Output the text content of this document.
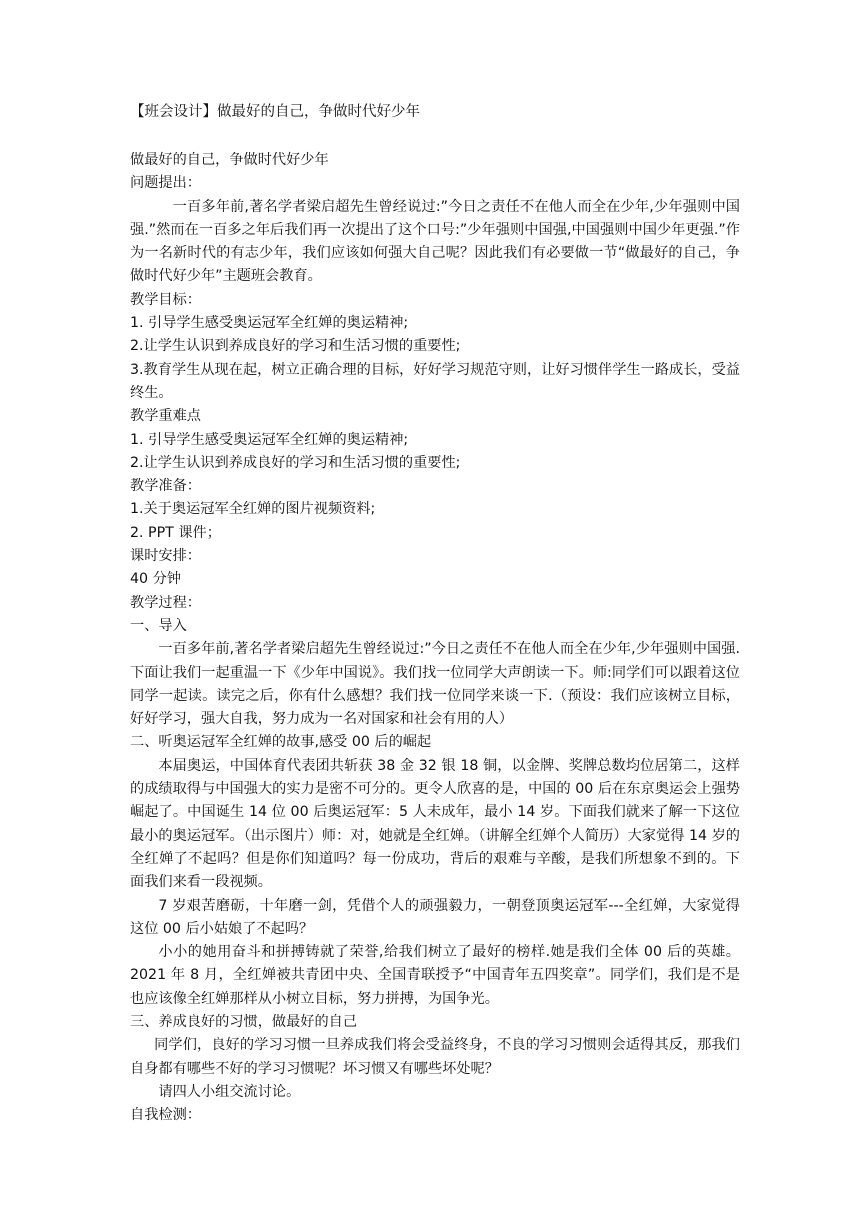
【班会设计】做最好的自己，争做时代好少年

做最好的自己，争做时代好少年

问题提出：

一百多年前,著名学者梁启超先生曾经说过:”今日之责任不在他人而全在少年,少年强则中国强.”然而在一百多之年后我们再一次提出了这个口号:”少年强则中国强,中国强则中国少年更强.”作为一名新时代的有志少年，我们应该如何强大自己呢？因此我们有必要做一节“做最好的自己，争做时代好少年”主题班会教育。

教学目标：

1. 引导学生感受奥运冠军全红婵的奥运精神;

2.让学生认识到养成良好的学习和生活习惯的重要性;

3.教育学生从现在起，树立正确合理的目标，好好学习规范守则，让好习惯伴学生一路成长，受益终生。

教学重难点

1. 引导学生感受奥运冠军全红婵的奥运精神;

2.让学生认识到养成良好的学习和生活习惯的重要性;

教学准备：

1.关于奥运冠军全红婵的图片视频资料;

2. PPT 课件；

课时安排：

40 分钟

教学过程：

一、导入

一百多年前,著名学者梁启超先生曾经说过:”今日之责任不在他人而全在少年,少年强则中国强.下面让我们一起重温一下《少年中国说》。我们找一位同学大声朗读一下。师:同学们可以跟着这位同学一起读。读完之后，你有什么感想？我们找一位同学来谈一下.（预设：我们应该树立目标，好好学习，强大自我，努力成为一名对国家和社会有用的人）

二、听奥运冠军全红婵的故事,感受 00 后的崛起

本届奥运，中国体育代表团共斩获 38 金 32 银 18 铜，以金牌、奖牌总数均位居第二，这样的成绩取得与中国强大的实力是密不可分的。更令人欣喜的是，中国的 00 后在东京奥运会上强势崛起了。中国诞生 14 位 00 后奥运冠军：5 人未成年，最小 14 岁。下面我们就来了解一下这位最小的奥运冠军。（出示图片）师：对，她就是全红婵。（讲解全红婵个人简历）大家觉得 14 岁的全红婵了不起吗？但是你们知道吗？每一份成功，背后的艰难与辛酸，是我们所想象不到的。下面我们来看一段视频。

7 岁艰苦磨砺，十年磨一剑，凭借个人的顽强毅力，一朝登顶奥运冠军---全红婵，大家觉得这位 00 后小姑娘了不起吗？

小小的她用奋斗和拼搏铸就了荣誉,给我们树立了最好的榜样.她是我们全体 00 后的英雄。2021 年 8 月，全红婵被共青团中央、全国青联授予“中国青年五四奖章”。同学们，我们是不是也应该像全红婵那样从小树立目标，努力拼搏，为国争光。

三、养成良好的习惯，做最好的自己

同学们，良好的学习习惯一旦养成我们将会受益终身，不良的学习习惯则会适得其反，那我们自身都有哪些不好的学习习惯呢？坏习惯又有哪些坏处呢？

请四人小组交流讨论。

自我检测：
